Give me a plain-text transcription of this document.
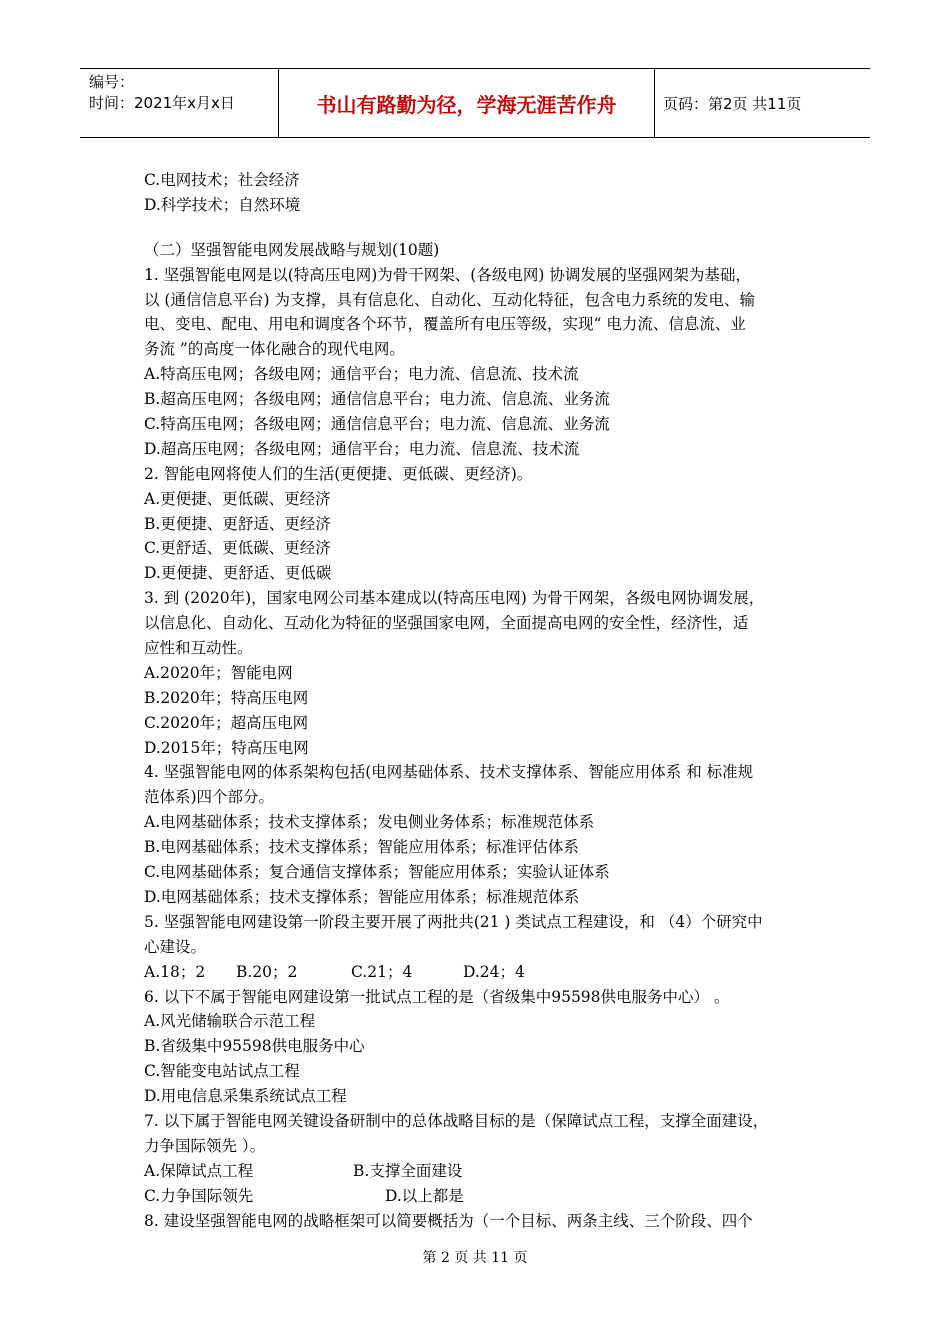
编号：
时间：2021年x月x日	书山有路勤为径，学海无涯苦作舟	页码：第2页 共11页
C.电网技术；社会经济
D.科学技术；自然环境
（二）坚强智能电网发展战略与规划(10题)
1. 坚强智能电网是以(特高压电网)为骨干网架、(各级电网) 协调发展的坚强网架为基础，
以 (通信信息平台) 为支撑，具有信息化、自动化、互动化特征，包含电力系统的发电、输
电、变电、配电、用电和调度各个环节，覆盖所有电压等级，实现“ 电力流、信息流、业
务流 ”的高度一体化融合的现代电网。
A.特高压电网；各级电网；通信平台；电力流、信息流、技术流
B.超高压电网；各级电网；通信信息平台；电力流、信息流、业务流
C.特高压电网；各级电网；通信信息平台；电力流、信息流、业务流
D.超高压电网；各级电网；通信平台；电力流、信息流、技术流
2. 智能电网将使人们的生活(更便捷、更低碳、更经济)。
A.更便捷、更低碳、更经济
B.更便捷、更舒适、更经济
C.更舒适、更低碳、更经济
D.更便捷、更舒适、更低碳
3. 到 (2020年)，国家电网公司基本建成以(特高压电网) 为骨干网架，各级电网协调发展，
以信息化、自动化、互动化为特征的坚强国家电网，全面提高电网的安全性，经济性，适
应性和互动性。
A.2020年；智能电网
B.2020年；特高压电网
C.2020年；超高压电网
D.2015年；特高压电网
4. 坚强智能电网的体系架构包括(电网基础体系、技术支撑体系、智能应用体系 和 标准规
范体系)四个部分。
A.电网基础体系；技术支撑体系；发电侧业务体系；标准规范体系
B.电网基础体系；技术支撑体系；智能应用体系；标准评估体系
C.电网基础体系；复合通信支撑体系；智能应用体系；实验认证体系
D.电网基础体系；技术支撑体系；智能应用体系；标准规范体系
5. 坚强智能电网建设第一阶段主要开展了两批共(21 ) 类试点工程建设，和 （4）个研究中
心建设。
A.18；2 B.20；2	C.21；4	D.24；4
6. 以下不属于智能电网建设第一批试点工程的是（省级集中95598供电服务中心） 。
A.风光储输联合示范工程
B.省级集中95598供电服务中心
C.智能变电站试点工程
D.用电信息采集系统试点工程
7. 以下属于智能电网关键设备研制中的总体战略目标的是（保障试点工程，支撑全面建设，
力争国际领先 ）。
A.保障试点工程	B.支撑全面建设
C.力争国际领先	D.以上都是
8. 建设坚强智能电网的战略框架可以简要概括为（一个目标、两条主线、三个阶段、四个
第 2 页 共 11 页
